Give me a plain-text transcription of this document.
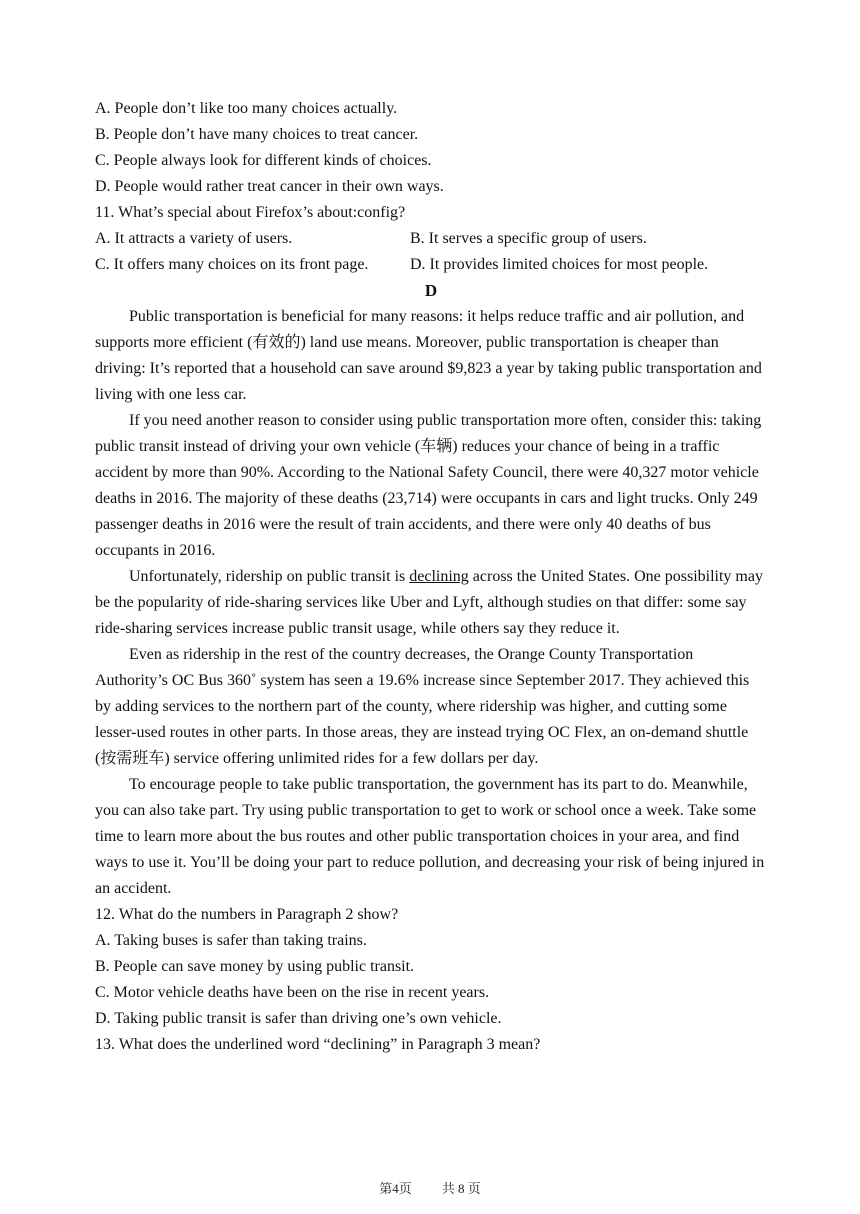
A. People don’t like too many choices actually.
B. People don’t have many choices to treat cancer.
C. People always look for different kinds of choices.
D. People would rather treat cancer in their own ways.
11. What’s special about Firefox’s about:config?
A. It attracts a variety of users.	B. It serves a specific group of users.
C. It offers many choices on its front page.	D. It provides limited choices for most people.
D

Public transportation is beneficial for many reasons: it helps reduce traffic and air pollution, and supports more efficient (有效的) land use means. Moreover, public transportation is cheaper than driving: It’s reported that a household can save around $9,823 a year by taking public transportation and living with one less car.

If you need another reason to consider using public transportation more often, consider this: taking public transit instead of driving your own vehicle (车辆) reduces your chance of being in a traffic accident by more than 90%. According to the National Safety Council, there were 40,327 motor vehicle deaths in 2016. The majority of these deaths (23,714) were occupants in cars and light trucks. Only 249 passenger deaths in 2016 were the result of train accidents, and there were only 40 deaths of bus occupants in 2016.

Unfortunately, ridership on public transit is declining across the United States. One possibility may be the popularity of ride-sharing services like Uber and Lyft, although studies on that differ: some say ride-sharing services increase public transit usage, while others say they reduce it.

Even as ridership in the rest of the country decreases, the Orange County Transportation Authority’s OC Bus 360˚ system has seen a 19.6% increase since September 2017. They achieved this by adding services to the northern part of the county, where ridership was higher, and cutting some lesser-used routes in other parts. In those areas, they are instead trying OC Flex, an on-demand shuttle (按需班车) service offering unlimited rides for a few dollars per day.

To encourage people to take public transportation, the government has its part to do. Meanwhile, you can also take part. Try using public transportation to get to work or school once a week. Take some time to learn more about the bus routes and other public transportation choices in your area, and find ways to use it. You’ll be doing your part to reduce pollution, and decreasing your risk of being injured in an accident.

12. What do the numbers in Paragraph 2 show?
A. Taking buses is safer than taking trains.
B. People can save money by using public transit.
C. Motor vehicle deaths have been on the rise in recent years.
D. Taking public transit is safer than driving one’s own vehicle.
13. What does the underlined word “declining” in Paragraph 3 mean?
第4页 共 8 页
